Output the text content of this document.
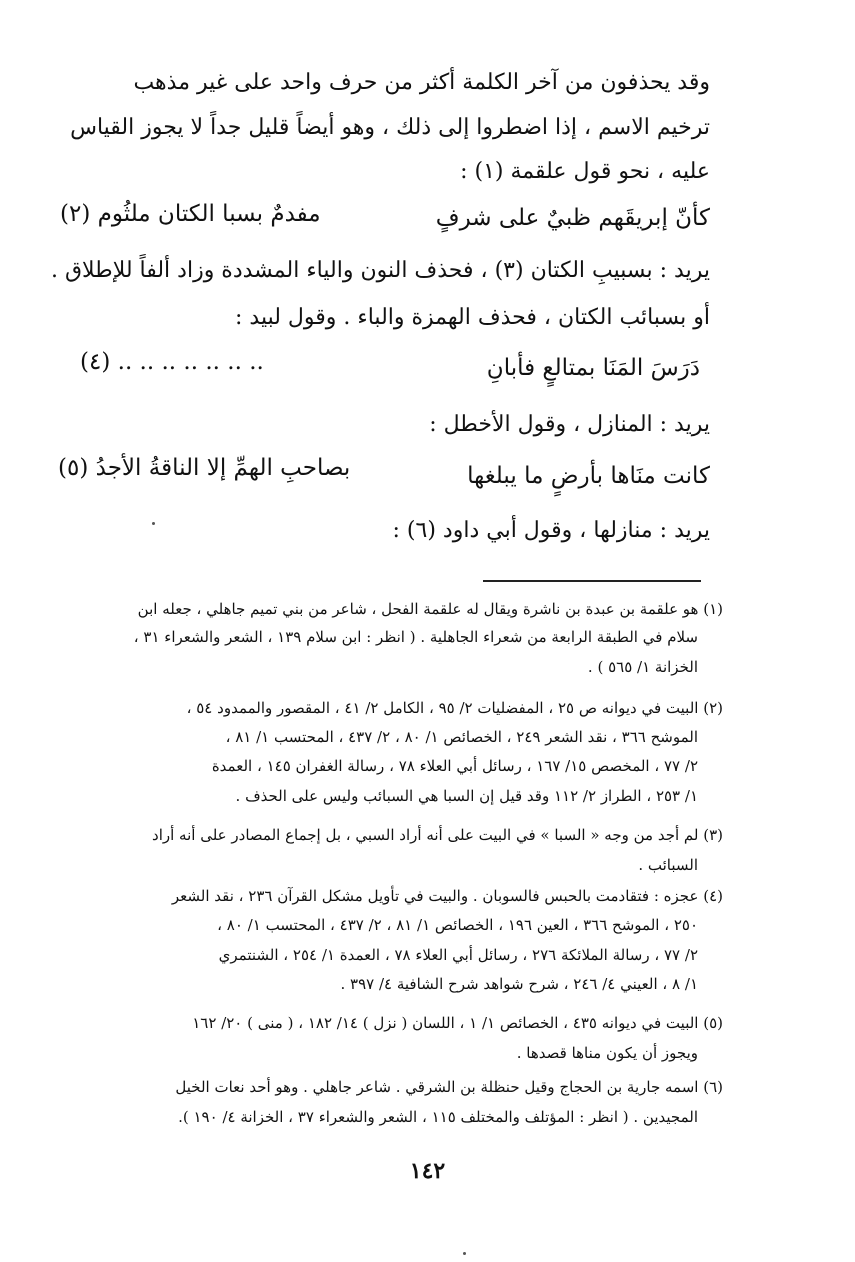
وقد يحذفون من آخر الكلمة أكثر من حرف واحد على غير مذهب
ترخيم الاسم ، إذا اضطروا إلى ذلك ، وهو أيضاً قليل جداً لا يجوز القياس
عليه ، نحو قول علقمة (١) :
كأنّ إبريقَهم ظبيٌ على شرفٍ
مفدمٌ بسبا الكتان ملثُوم (٢)
يريد : بسبيبِ الكتان (٣) ، فحذف النون والياء المشددة وزاد ألفاً للإطلاق .
أو بسبائب الكتان ، فحذف الهمزة والباء . وقول لبيد :
دَرَسَ المَنَا بمتالعٍ فأبانِ
.. .. .. .. .. .. .. (٤)
يريد : المنازل ، وقول الأخطل :
كانت منَاها بأرضٍ ما يبلغها
بصاحبِ الهمِّ إلا الناقةُ الأجدُ (٥)
يريد : منازلها ، وقول أبي داود (٦) :
(١) هو علقمة بن عبدة بن ناشرة ويقال له علقمة الفحل ، شاعر من بني تميم جاهلي ، جعله ابن
سلام في الطبقة الرابعة من شعراء الجاهلية . ( انظر : ابن سلام ١٣٩ ، الشعر والشعراء ٣١ ،
الخزانة ١/ ٥٦٥ ) .
(٢) البيت في ديوانه ص ٢٥ ، المفضليات ٢/ ٩٥ ، الكامل ٢/ ٤١ ، المقصور والممدود ٥٤ ،
الموشح ٣٦٦ ، نقد الشعر ٢٤٩ ، الخصائص ١/ ٨٠ ، ٢/ ٤٣٧ ، المحتسب ١/ ٨١ ،
٢/ ٧٧ ، المخصص ١٥/ ١٦٧ ، رسائل أبي العلاء ٧٨ ، رسالة الغفران ١٤٥ ، العمدة
١/ ٢٥٣ ، الطراز ٢/ ١١٢ وقد قيل إن السبا هي السبائب وليس على الحذف .
(٣) لم أجد من وجه « السبا » في البيت على أنه أراد السبي ، بل إجماع المصادر على أنه أراد
السبائب .
(٤) عجزه : فتقادمت بالحبس فالسوبان . والبيت في تأويل مشكل القرآن ٢٣٦ ، نقد الشعر
٢٥٠ ، الموشح ٣٦٦ ، العين ١٩٦ ، الخصائص ١/ ٨١ ، ٢/ ٤٣٧ ، المحتسب ١/ ٨٠ ،
٢/ ٧٧ ، رسالة الملائكة ٢٧٦ ، رسائل أبي العلاء ٧٨ ، العمدة ١/ ٢٥٤ ، الشنتمري
١/ ٨ ، العيني ٤/ ٢٤٦ ، شرح شواهد شرح الشافية ٤/ ٣٩٧ .
(٥) البيت في ديوانه ٤٣٥ ، الخصائص ١/ ١ ، اللسان ( نزل ) ١٤/ ١٨٢ ، ( منى ) ٢٠/ ١٦٢
ويجوز أن يكون مناها قصدها .
(٦) اسمه جارية بن الحجاج وقيل حنظلة بن الشرقي . شاعر جاهلي . وهو أحد نعات الخيل
المجيدين . ( انظر : المؤتلف والمختلف ١١٥ ، الشعر والشعراء ٣٧ ، الخزانة ٤/ ١٩٠ ).
١٤٢
